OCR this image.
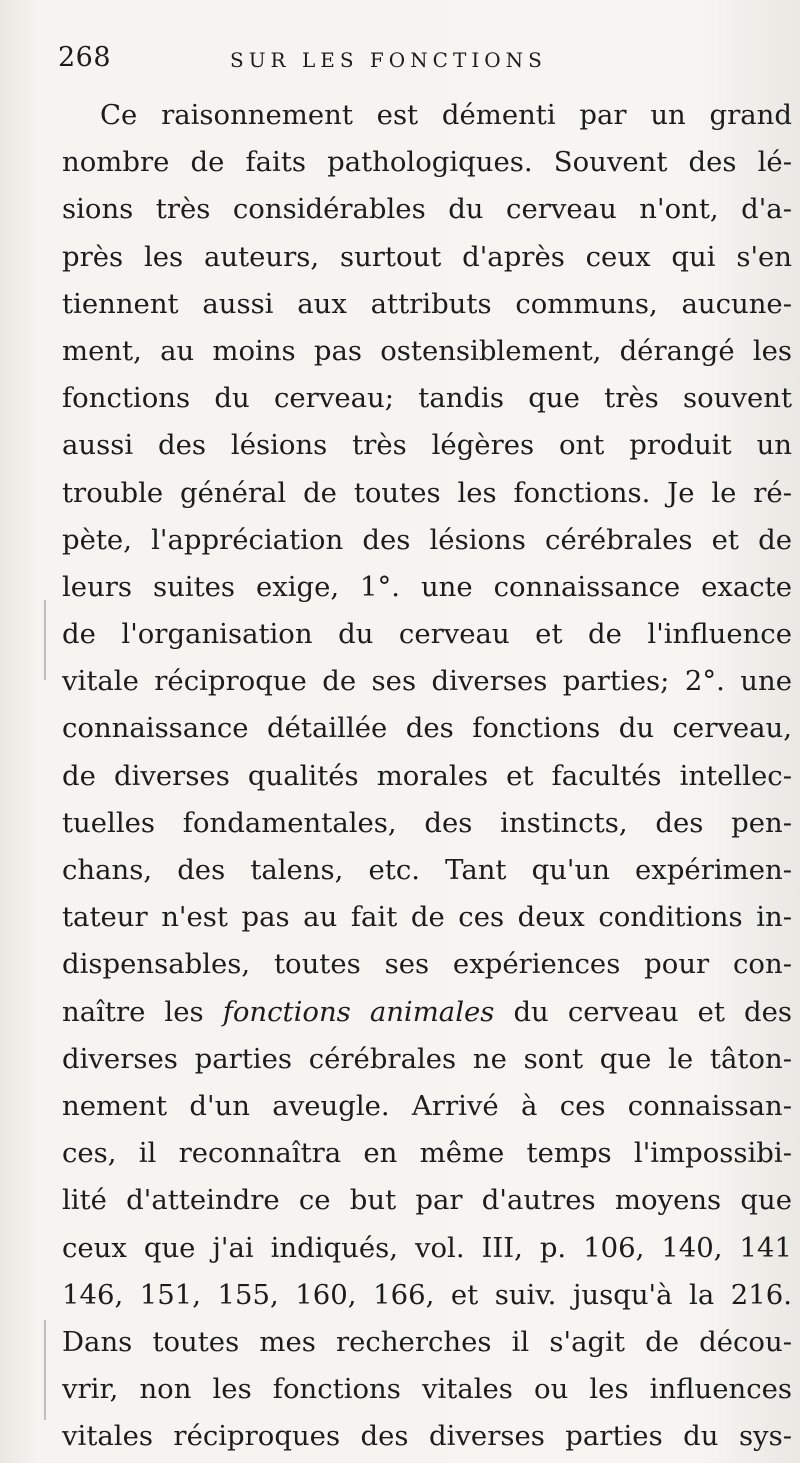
268	SUR LES FONCTIONS
Ce raisonnement est démenti par un grand
nombre de faits pathologiques. Souvent des lé-
sions très considérables du cerveau n'ont, d'a-
près les auteurs, surtout d'après ceux qui s'en
tiennent aussi aux attributs communs, aucune-
ment, au moins pas ostensiblement, dérangé les
fonctions du cerveau; tandis que très souvent
aussi des lésions très légères ont produit un
trouble général de toutes les fonctions. Je le ré-
pète, l'appréciation des lésions cérébrales et de
leurs suites exige, 1°. une connaissance exacte
de l'organisation du cerveau et de l'influence
vitale réciproque de ses diverses parties; 2°. une
connaissance détaillée des fonctions du cerveau,
de diverses qualités morales et facultés intellec-
tuelles fondamentales, des instincts, des pen-
chans, des talens, etc. Tant qu'un expérimen-
tateur n'est pas au fait de ces deux conditions in-
dispensables, toutes ses expériences pour con-
naître les fonctions animales du cerveau et des
diverses parties cérébrales ne sont que le tâton-
nement d'un aveugle. Arrivé à ces connaissan-
ces, il reconnaîtra en même temps l'impossibi-
lité d'atteindre ce but par d'autres moyens que
ceux que j'ai indiqués, vol. III, p. 106, 140, 141
146, 151, 155, 160, 166, et suiv. jusqu'à la 216.
Dans toutes mes recherches il s'agit de décou-
vrir, non les fonctions vitales ou les influences
vitales réciproques des diverses parties du sys-
